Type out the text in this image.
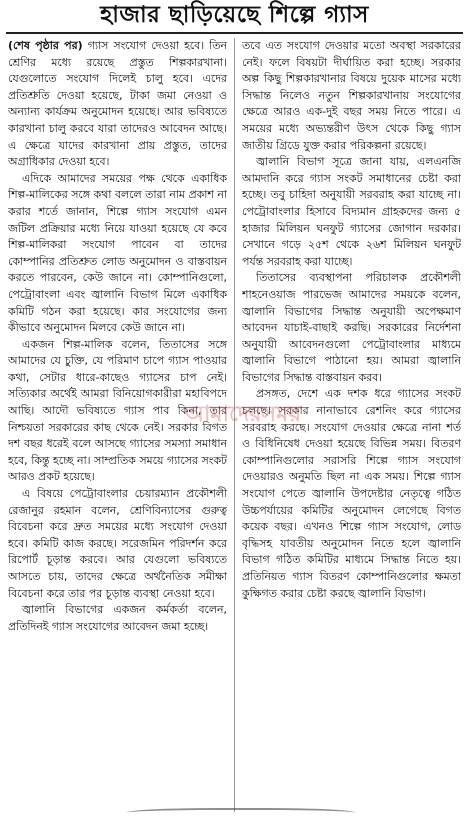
হাজার ছাড়িয়েছে শিল্পে গ্যাস

(শেষ পৃষ্ঠার পর) গ্যাস সংযোগ দেওয়া হবে। তিন শ্রেণির মধ্যে রয়েছে প্রস্তুত শিল্পকারখানা। যেগুলোতে সংযোগ দিলেই চালু হবে। এদের প্রতিশ্রুতি দেওয়া হয়েছে, টাকা জমা নেওয়া ও অন্যান্য কার্যক্রম অনুমোদন হয়েছে। আর ভবিষ্যতে কারখানা চালু করবে যারা তাদেরও আবেদন আছে। এ ক্ষেত্রে যাদের কারখানা প্রায় প্রস্তুত, তাদের অগ্রাধিকার দেওয়া হবে।

এদিকে আমাদের সময়ের পক্ষ থেকে একাধিক শিল্প-মালিকের সঙ্গে কথা বললে তারা নাম প্রকাশ না করার শর্তে জানান, শিল্পে গ্যাস সংযোগ এমন জটিল প্রক্রিয়ার মধ্যে নিয়ে যাওয়া হয়েছে যে কবে শিল্প-মালিকরা সংযোগ পাবেন বা তাদের কোম্পানির প্রতিশ্রুত লোড অনুমোদন ও বাস্তবায়ন করতে পারবেন, কেউ জানে না। কোম্পানিগুলো, পেট্রোবাংলা এবং জ্বালানি বিভাগ মিলে একাধিক কমিটি গঠন করা হয়েছে। কার সংযোগের জন্য কীভাবে অনুমোদন মিলবে কেউ জানে না।

একজন শিল্প-মালিক বলেন, তিতাসের সঙ্গে আমাদের যে চুক্তি, যে পরিমাণ চাপে গ্যাস পাওয়ার কথা, সেটার ধারে-কাছেও গ্যাসের চাপ নেই। সত্যিকার অর্থেই আমরা বিনিয়োগকারীরা মহাবিপদে আছি। আদৌ ভবিষ্যতে গ্যাস পাব কিনা, তার নিশ্চয়তা সরকারের কাছ থেকে নেই। সরকার বিগত দশ বছর ধরেই বলে আসছে গ্যাসের সমস্যা সমাধান হবে, কিন্তু হচ্ছে না। সাম্প্রতিক সময়ে গ্যাসের সংকট আরও প্রকট হয়েছে।

এ বিষয়ে পেট্রোবাংলার চেয়ারম্যান প্রকৌশলী রেজানুর রহমান বলেন, শ্রেণিবিন্যাসের গুরুত্ব বিবেচনা করে দ্রুত সময়ের মধ্যে সংযোগ দেওয়া হবে। কমিটি কাজ করছে। সরেজমিন পরিদর্শন করে রিপোর্ট চূড়ান্ত করবে। আর যেগুলো ভবিষ্যতে আসতে চায়, তাদের ক্ষেত্রে অর্থনৈতিক সমীক্ষা বিবেচনা করে তার পর চূড়ান্ত ব্যবস্থা নেওয়া হবে।

জ্বালানি বিভাগের একজন কর্মকর্তা বলেন, প্রতিদিনই গ্যাস সংযোগের আবেদন জমা হচ্ছে।

তবে এত সংযোগ দেওয়ার মতো অবস্থা সরকারের নেই। ফলে বিষয়টা দীর্ঘায়িত করা হচ্ছে। সরকার অল্প কিছু শিল্পকারখানার বিষয়ে দুয়েক মাসের মধ্যে সিদ্ধান্ত নিলেও নতুন শিল্পকারখানায় সংযোগের ক্ষেত্রে আরও এক-দুই বছর সময় নিতে পারে। এ সময়ের মধ্যে অভ্যন্তরীণ উৎস থেকে কিছু গ্যাস জাতীয় গ্রিডে যুক্ত করার পরিকল্পনা রয়েছে।

জ্বালানি বিভাগ সূত্রে জানা যায়, এলএনজি আমদানি করে গ্যাস সংকট সমাধানের চেষ্টা করা হচ্ছে। তবু চাহিদা অনুযায়ী সরবরাহ করা যাচ্ছে না। পেট্রোবাংলার হিসাবে বিদ্যমান গ্রাহকদের জন্য ৫ হাজার মিলিয়ন ঘনফুট গ্যাসের জোগান দরকার। সেখানে গড়ে ২৫শ থেকে ২৬শ মিলিয়ন ঘনফুট পর্যন্ত সরবরাহ করা যাচ্ছে।

তিতাসের ব্যবস্থাপনা পরিচালক প্রকৌশলী শাহনেওয়াজ পারভেজ আমাদের সময়কে বলেন, জ্বালানি বিভাগের সিদ্ধান্ত অনুযায়ী অপেক্ষমাণ আবেদন যাচাই-বাছাই করছি। সরকারের নির্দেশনা অনুযায়ী আবেদনগুলো পেট্রোবাংলার মাধ্যমে জ্বালানি বিভাগে পাঠানো হয়। আমরা জ্বালানি বিভাগের সিদ্ধান্ত বাস্তবায়ন করব।

প্রসঙ্গত, দেশে এক দশক ধরে গ্যাসের সংকট চলছে। সরকার নানাভাবে রেশনিং করে গ্যাসের সরবরাহ করছে। সংযোগ দেওয়ার ক্ষেত্রে নানা শর্ত ও বিধিনিষেধ দেওয়া হয়েছে বিভিন্ন সময়। বিতরণ কোম্পানিগুলোর সরাসরি শিল্পে গ্যাস সংযোগ দেওয়ারও অনুমতি ছিল না এক সময়। শিল্পে গ্যাস সংযোগ পেতে জ্বালানি উপদেষ্টার নেতৃত্বে গঠিত উচ্চপর্যায়ের কমিটির অনুমোদন লেগেছে বিগত কয়েক বছর। এখনও শিল্পে গ্যাস সংযোগ, লোড বৃদ্ধিসহ যাবতীয় অনুমোদন নিতে হলে জ্বালানি বিভাগ গঠিত কমিটির মাধ্যমে সিদ্ধান্ত নিতে হয়। প্রতিনিয়ত গ্যাস বিতরণ কোম্পানিগুলোর ক্ষমতা কুক্ষিগত করার চেষ্টা করছে জ্বালানি বিভাগ।

আমাদেরসময়
